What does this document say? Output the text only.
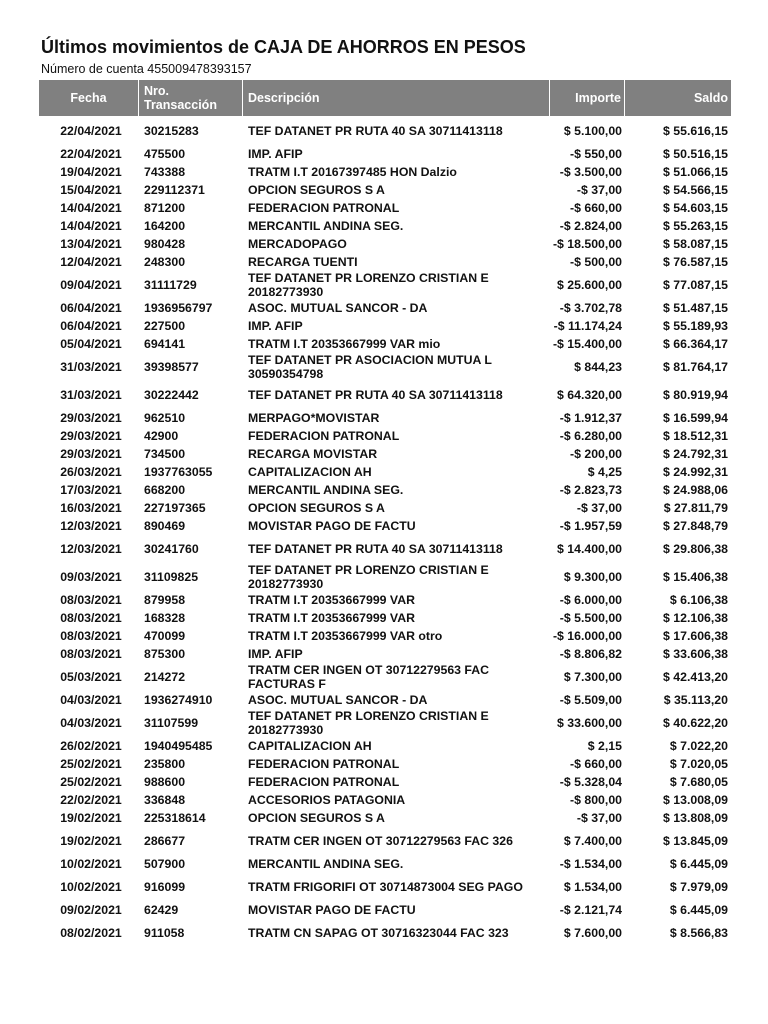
Últimos movimientos de CAJA DE AHORROS EN PESOS
Número de cuenta 455009478393157
Fecha	Nro. Transacción	Descripción	Importe	Saldo
22/04/2021	30215283	TEF DATANET PR RUTA 40 SA 30711413118	$ 5.100,00	$ 55.616,15
22/04/2021	475500	IMP. AFIP	-$ 550,00	$ 50.516,15
19/04/2021	743388	TRATM I.T 20167397485 HON Dalzio	-$ 3.500,00	$ 51.066,15
15/04/2021	229112371	OPCION SEGUROS S A	-$ 37,00	$ 54.566,15
14/04/2021	871200	FEDERACION PATRONAL	-$ 660,00	$ 54.603,15
14/04/2021	164200	MERCANTIL ANDINA SEG.	-$ 2.824,00	$ 55.263,15
13/04/2021	980428	MERCADOPAGO	-$ 18.500,00	$ 58.087,15
12/04/2021	248300	RECARGA TUENTI	-$ 500,00	$ 76.587,15
09/04/2021	31111729	TEF DATANET PR LORENZO CRISTIAN E 20182773930	$ 25.600,00	$ 77.087,15
06/04/2021	1936956797	ASOC. MUTUAL SANCOR - DA	-$ 3.702,78	$ 51.487,15
06/04/2021	227500	IMP. AFIP	-$ 11.174,24	$ 55.189,93
05/04/2021	694141	TRATM I.T 20353667999 VAR mio	-$ 15.400,00	$ 66.364,17
31/03/2021	39398577	TEF DATANET PR ASOCIACION MUTUA L 30590354798	$ 844,23	$ 81.764,17
31/03/2021	30222442	TEF DATANET PR RUTA 40 SA 30711413118	$ 64.320,00	$ 80.919,94
29/03/2021	962510	MERPAGO*MOVISTAR	-$ 1.912,37	$ 16.599,94
29/03/2021	42900	FEDERACION PATRONAL	-$ 6.280,00	$ 18.512,31
29/03/2021	734500	RECARGA MOVISTAR	-$ 200,00	$ 24.792,31
26/03/2021	1937763055	CAPITALIZACION AH	$ 4,25	$ 24.992,31
17/03/2021	668200	MERCANTIL ANDINA SEG.	-$ 2.823,73	$ 24.988,06
16/03/2021	227197365	OPCION SEGUROS S A	-$ 37,00	$ 27.811,79
12/03/2021	890469	MOVISTAR PAGO DE FACTU	-$ 1.957,59	$ 27.848,79
12/03/2021	30241760	TEF DATANET PR RUTA 40 SA 30711413118	$ 14.400,00	$ 29.806,38
09/03/2021	31109825	TEF DATANET PR LORENZO CRISTIAN E 20182773930	$ 9.300,00	$ 15.406,38
08/03/2021	879958	TRATM I.T 20353667999 VAR	-$ 6.000,00	$ 6.106,38
08/03/2021	168328	TRATM I.T 20353667999 VAR	-$ 5.500,00	$ 12.106,38
08/03/2021	470099	TRATM I.T 20353667999 VAR otro	-$ 16.000,00	$ 17.606,38
08/03/2021	875300	IMP. AFIP	-$ 8.806,82	$ 33.606,38
05/03/2021	214272	TRATM CER INGEN OT 30712279563 FAC FACTURAS F	$ 7.300,00	$ 42.413,20
04/03/2021	1936274910	ASOC. MUTUAL SANCOR - DA	-$ 5.509,00	$ 35.113,20
04/03/2021	31107599	TEF DATANET PR LORENZO CRISTIAN E 20182773930	$ 33.600,00	$ 40.622,20
26/02/2021	1940495485	CAPITALIZACION AH	$ 2,15	$ 7.022,20
25/02/2021	235800	FEDERACION PATRONAL	-$ 660,00	$ 7.020,05
25/02/2021	988600	FEDERACION PATRONAL	-$ 5.328,04	$ 7.680,05
22/02/2021	336848	ACCESORIOS PATAGONIA	-$ 800,00	$ 13.008,09
19/02/2021	225318614	OPCION SEGUROS S A	-$ 37,00	$ 13.808,09
19/02/2021	286677	TRATM CER INGEN OT 30712279563 FAC 326	$ 7.400,00	$ 13.845,09
10/02/2021	507900	MERCANTIL ANDINA SEG.	-$ 1.534,00	$ 6.445,09
10/02/2021	916099	TRATM FRIGORIFI OT 30714873004 SEG PAGO	$ 1.534,00	$ 7.979,09
09/02/2021	62429	MOVISTAR PAGO DE FACTU	-$ 2.121,74	$ 6.445,09
08/02/2021	911058	TRATM CN SAPAG OT 30716323044 FAC 323	$ 7.600,00	$ 8.566,83
